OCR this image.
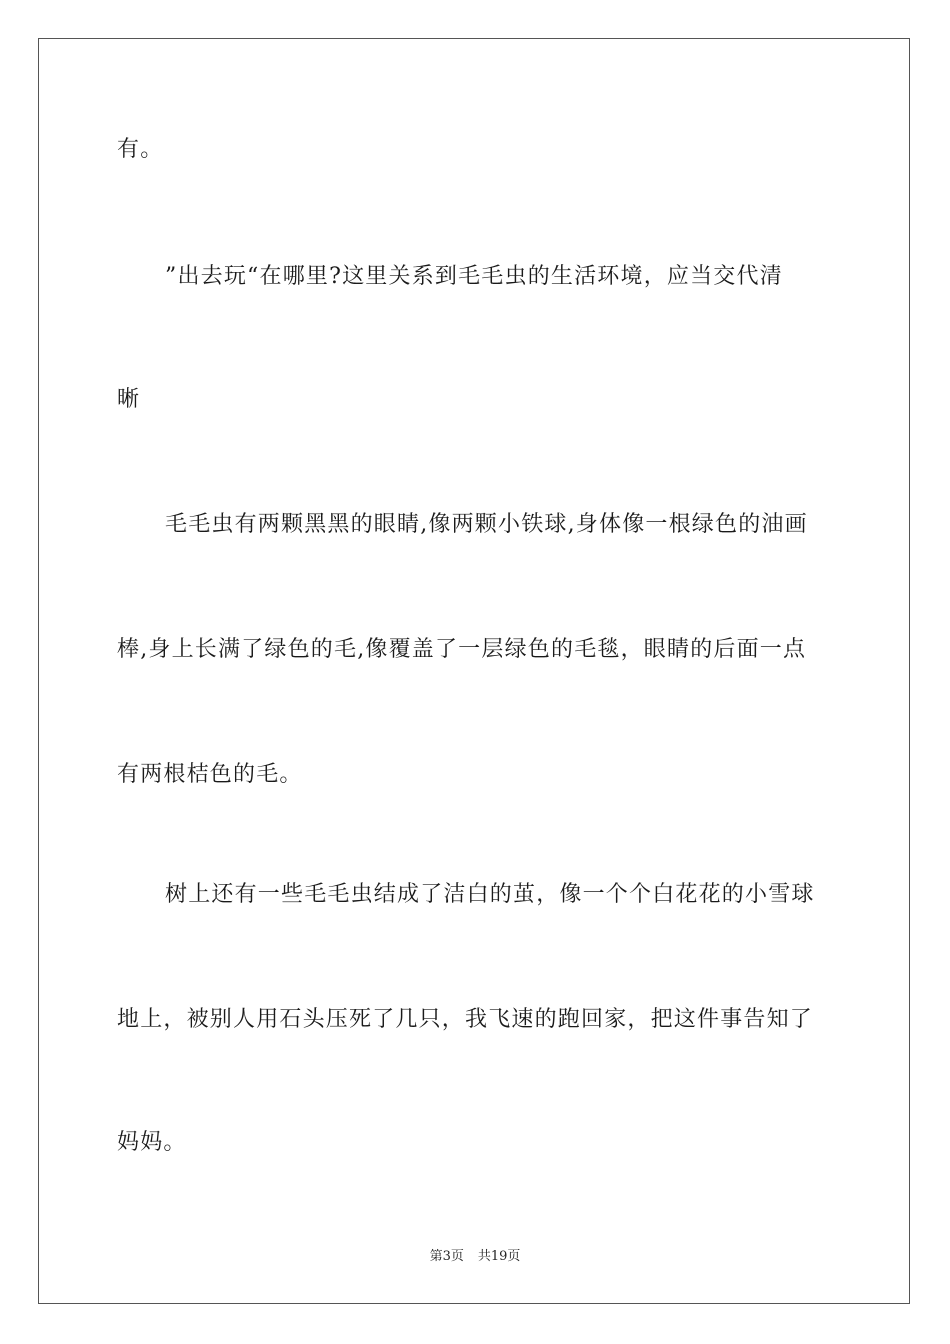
有。
”出去玩“在哪里?这里关系到毛毛虫的生活环境，应当交代清
晰
毛毛虫有两颗黑黑的眼睛,像两颗小铁球,身体像一根绿色的油画
棒,身上长满了绿色的毛,像覆盖了一层绿色的毛毯，眼睛的后面一点
有两根桔色的毛。
树上还有一些毛毛虫结成了洁白的茧，像一个个白花花的小雪球
地上，被别人用石头压死了几只，我飞速的跑回家，把这件事告知了
妈妈。
第3页 共19页
